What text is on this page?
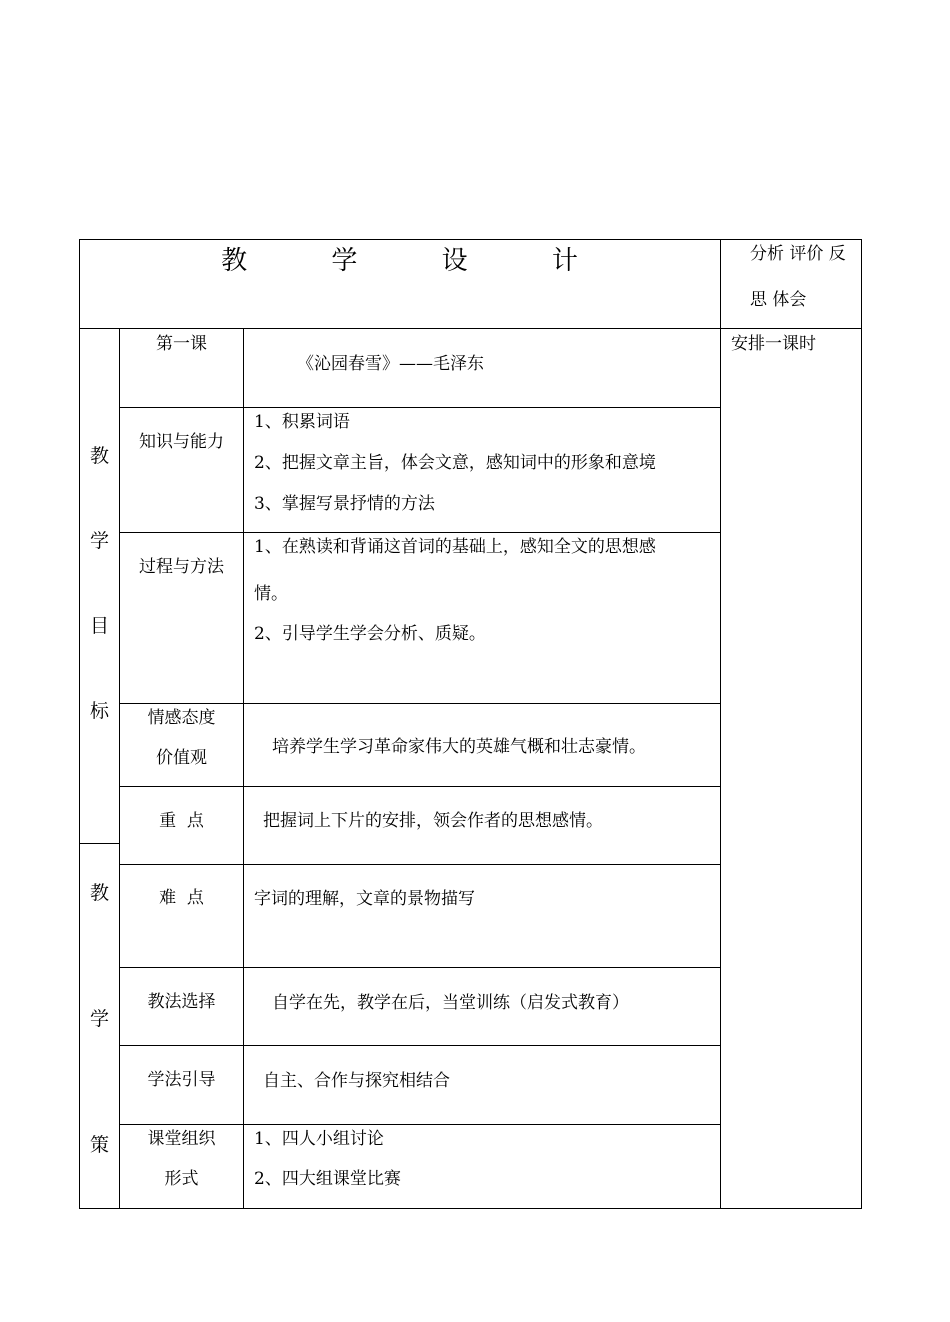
教 学 设 计	分析 评价 反
思 体会
安排一课时
教
学
目
标
教
学
策
第一课
知识与能力
过程与方法
情感态度
价值观
重  点
难  点
教法选择
学法引导
课堂组织
形式
《沁园春雪》——毛泽东
1、积累词语
2、把握文章主旨，体会文意，感知词中的形象和意境
3、掌握写景抒情的方法
1、在熟读和背诵这首词的基础上，感知全文的思想感
情。
2、引导学生学会分析、质疑。
培养学生学习革命家伟大的英雄气概和壮志豪情。
把握词上下片的安排，领会作者的思想感情。
字词的理解，文章的景物描写
自学在先，教学在后，当堂训练（启发式教育）
自主、合作与探究相结合
1、四人小组讨论
2、四大组课堂比赛
